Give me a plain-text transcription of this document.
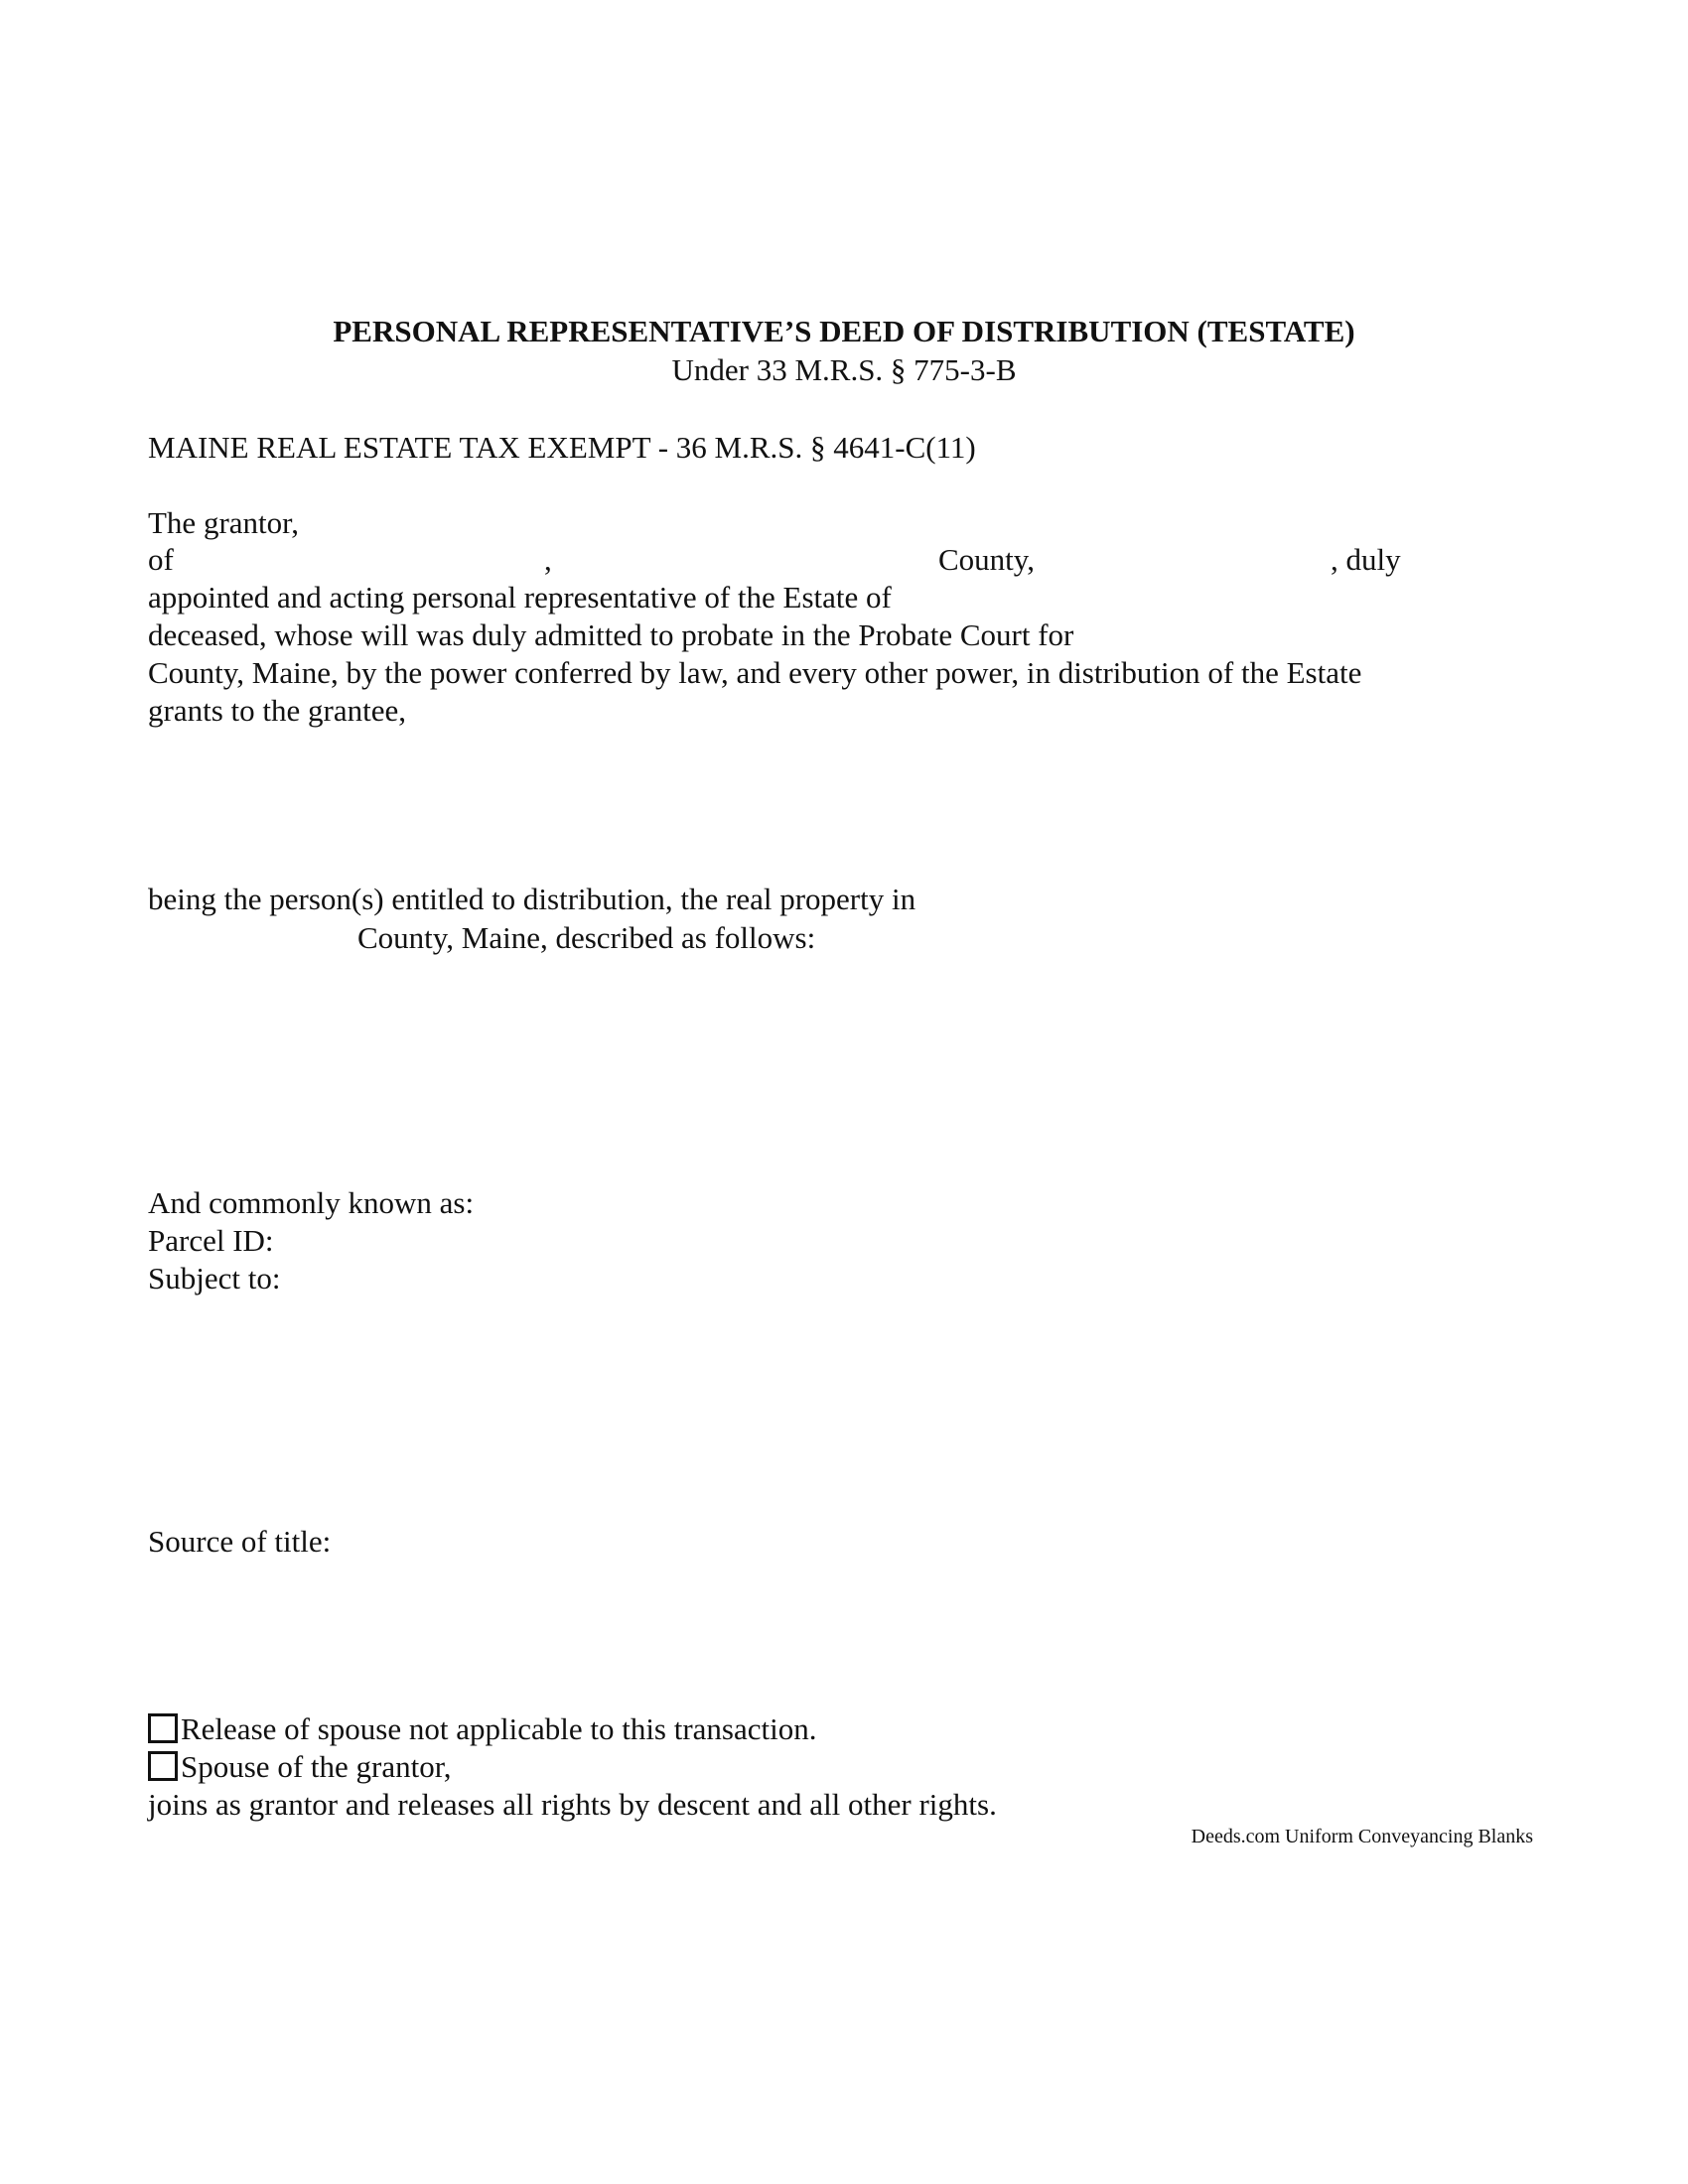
PERSONAL REPRESENTATIVE’S DEED OF DISTRIBUTION (TESTATE)
Under 33 M.R.S. § 775-3-B
MAINE REAL ESTATE TAX EXEMPT - 36 M.R.S. § 4641-C(11)
The grantor,
of	,	County,	, duly
appointed and acting personal representative of the Estate of
deceased, whose will was duly admitted to probate in the Probate Court for
County, Maine, by the power conferred by law, and every other power, in distribution of the Estate
grants to the grantee,
being the person(s) entitled to distribution, the real property in
County, Maine, described as follows:
And commonly known as:
Parcel ID:
Subject to:
Source of title:
Release of spouse not applicable to this transaction.
Spouse of the grantor,
joins as grantor and releases all rights by descent and all other rights.
Deeds.com Uniform Conveyancing Blanks
